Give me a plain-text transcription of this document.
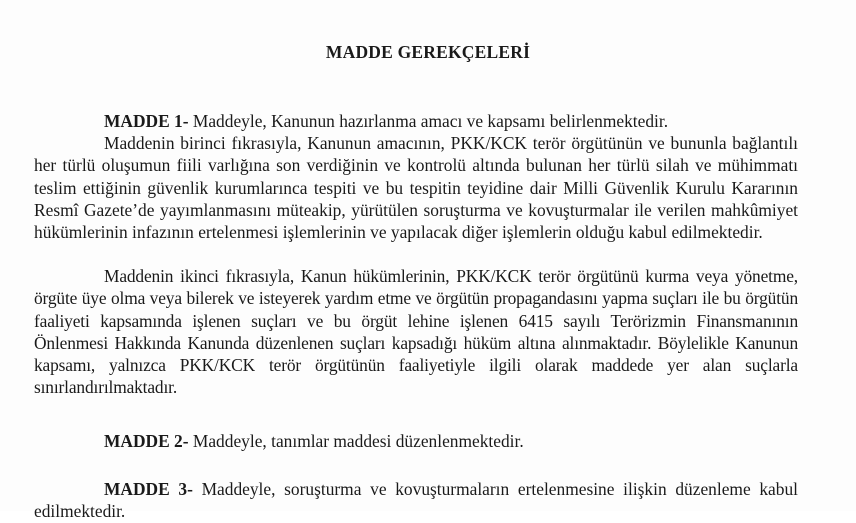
MADDE GEREKÇELERİ

MADDE 1- Maddeyle, Kanunun hazırlanma amacı ve kapsamı belirlenmektedir.

Maddenin birinci fıkrasıyla, Kanunun amacının, PKK/KCK terör örgütünün ve bununla bağlantılı her türlü oluşumun fiili varlığına son verdiğinin ve kontrolü altında bulunan her türlü silah ve mühimmatı teslim ettiğinin güvenlik kurumlarınca tespiti ve bu tespitin teyidine dair Milli Güvenlik Kurulu Kararının Resmî Gazete’de yayımlanmasını müteakip, yürütülen soruşturma ve kovuşturmalar ile verilen mahkûmiyet hükümlerinin infazının ertelenmesi işlemlerinin ve yapılacak diğer işlemlerin olduğu kabul edilmektedir.

Maddenin ikinci fıkrasıyla, Kanun hükümlerinin, PKK/KCK terör örgütünü kurma veya yönetme, örgüte üye olma veya bilerek ve isteyerek yardım etme ve örgütün propagandasını yapma suçları ile bu örgütün faaliyeti kapsamında işlenen suçları ve bu örgüt lehine işlenen 6415 sayılı Terörizmin Finansmanının Önlenmesi Hakkında Kanunda düzenlenen suçları kapsadığı hüküm altına alınmaktadır. Böylelikle Kanunun kapsamı, yalnızca PKK/KCK terör örgütünün faaliyetiyle ilgili olarak maddede yer alan suçlarla sınırlandırılmaktadır.

MADDE 2- Maddeyle, tanımlar maddesi düzenlenmektedir.

MADDE 3- Maddeyle, soruşturma ve kovuşturmaların ertelenmesine ilişkin düzenleme kabul edilmektedir.
